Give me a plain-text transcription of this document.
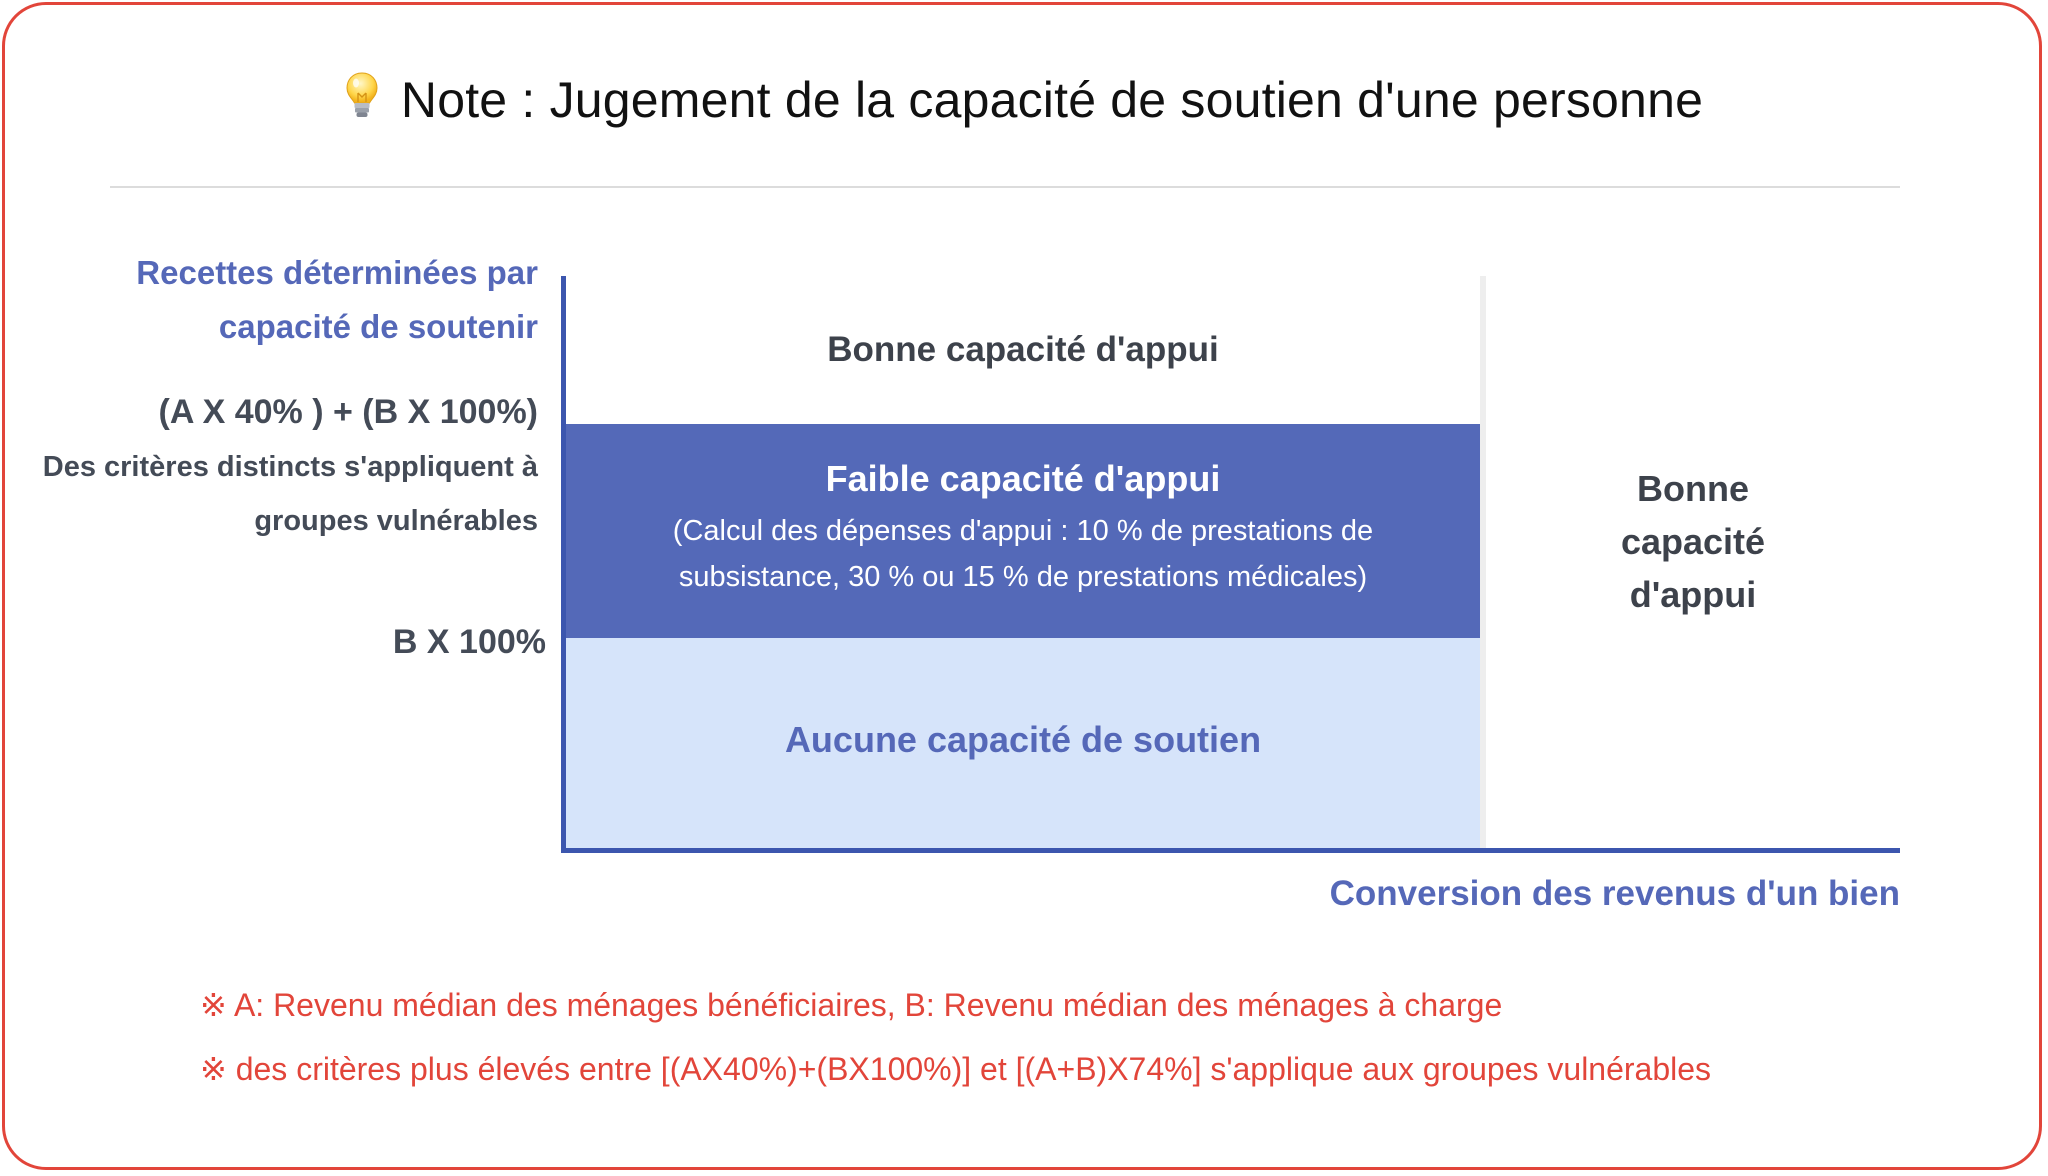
Note : Jugement de la capacité de soutien d'une personne
Recettes déterminées par capacité de soutenir
(A X 40% ) + (B X 100%)
Des critères distincts s'appliquent à groupes vulnérables
B X 100%
Bonne capacité d'appui
Faible capacité d'appui
(Calcul des dépenses d'appui : 10 % de prestations de subsistance, 30 % ou 15 % de prestations médicales)
Aucune capacité de soutien
Bonne capacité d'appui
Conversion des revenus d'un bien
※ A: Revenu médian des ménages bénéficiaires, B: Revenu médian des ménages à charge
※ des critères plus élevés entre [(AX40%)+(BX100%)] et [(A+B)X74%] s'applique aux groupes vulnérables
